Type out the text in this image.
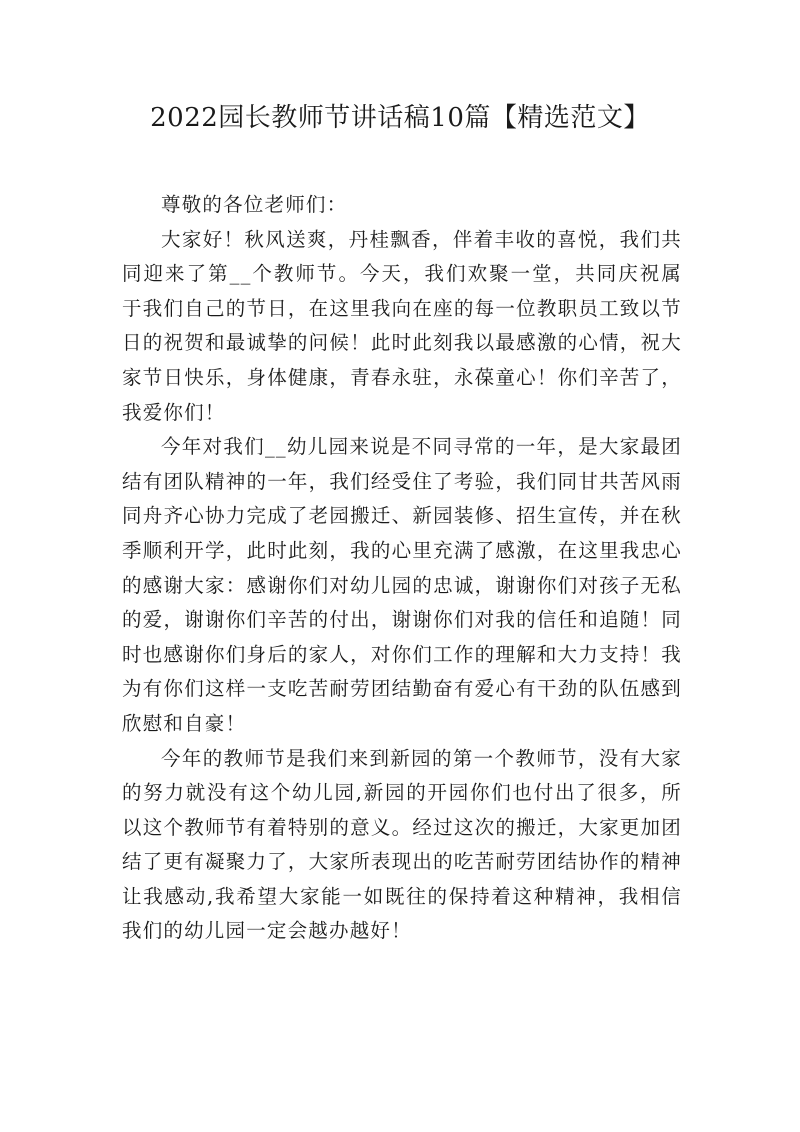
2022园长教师节讲话稿10篇【精选范文】

尊敬的各位老师们：

大家好！秋风送爽，丹桂飘香，伴着丰收的喜悦，我们共同迎来了第__个教师节。今天，我们欢聚一堂，共同庆祝属于我们自己的节日，在这里我向在座的每一位教职员工致以节日的祝贺和最诚挚的问候！此时此刻我以最感激的心情，祝大家节日快乐，身体健康，青春永驻，永葆童心！你们辛苦了，我爱你们！

今年对我们__幼儿园来说是不同寻常的一年，是大家最团结有团队精神的一年，我们经受住了考验，我们同甘共苦风雨同舟齐心协力完成了老园搬迁、新园装修、招生宣传，并在秋季顺利开学，此时此刻，我的心里充满了感激，在这里我忠心的感谢大家：感谢你们对幼儿园的忠诚，谢谢你们对孩子无私的爱，谢谢你们辛苦的付出，谢谢你们对我的信任和追随！同时也感谢你们身后的家人，对你们工作的理解和大力支持！我为有你们这样一支吃苦耐劳团结勤奋有爱心有干劲的队伍感到欣慰和自豪！

今年的教师节是我们来到新园的第一个教师节，没有大家的努力就没有这个幼儿园,新园的开园你们也付出了很多，所以这个教师节有着特别的意义。经过这次的搬迁，大家更加团结了更有凝聚力了，大家所表现出的吃苦耐劳团结协作的精神让我感动,我希望大家能一如既往的保持着这种精神，我相信我们的幼儿园一定会越办越好！
